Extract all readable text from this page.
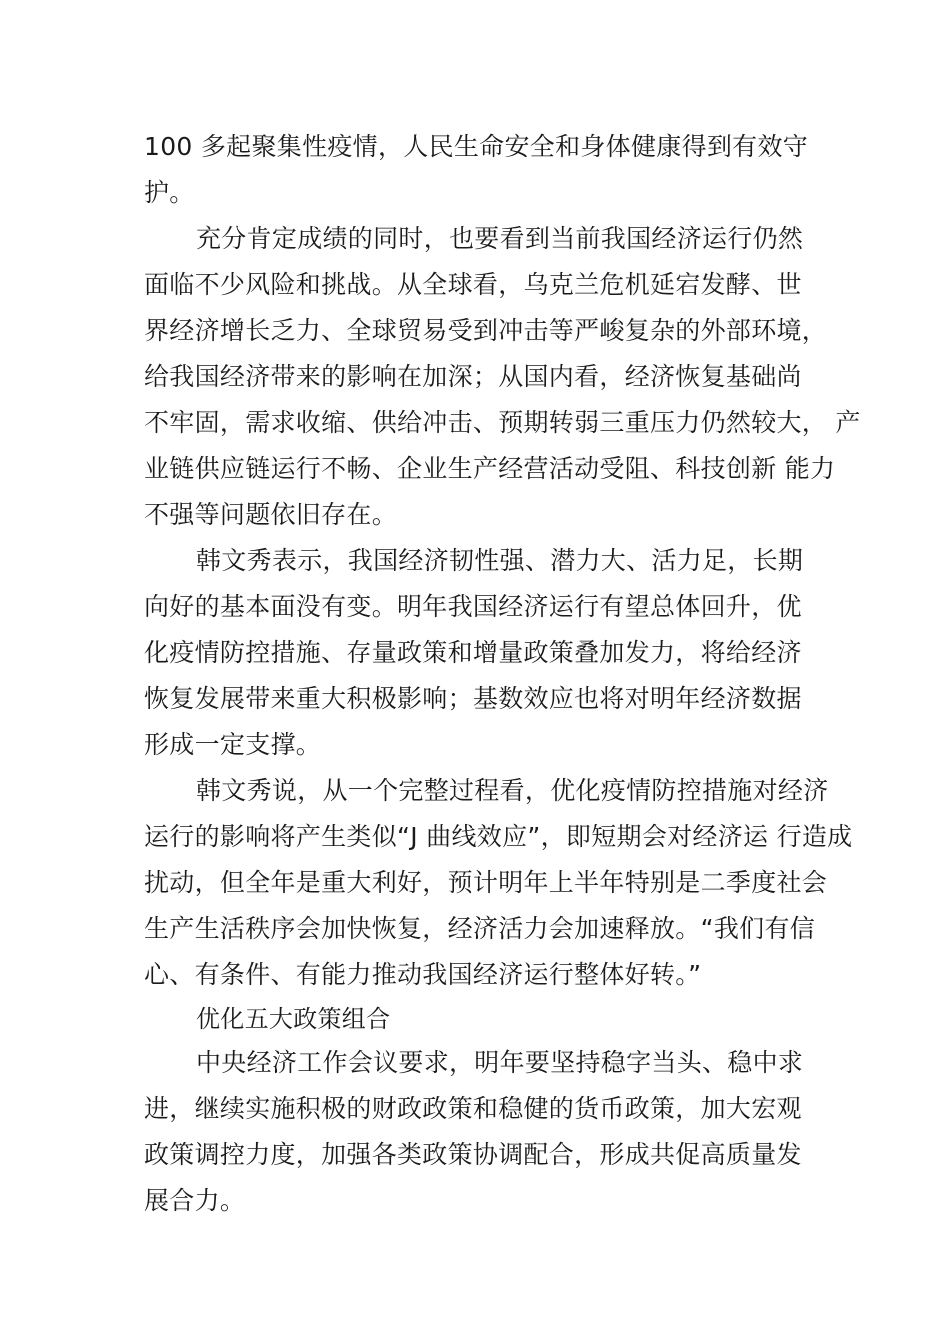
100 多起聚集性疫情，人民生命安全和身体健康得到有效守
护。
充分肯定成绩的同时，也要看到当前我国经济运行仍然
面临不少风险和挑战。从全球看，乌克兰危机延宕发酵、世
界经济增长乏力、全球贸易受到冲击等严峻复杂的外部环境，
给我国经济带来的影响在加深；从国内看，经济恢复基础尚
不牢固，需求收缩、供给冲击、预期转弱三重压力仍然较大， 产
业链供应链运行不畅、企业生产经营活动受阻、科技创新 能力
不强等问题依旧存在。
韩文秀表示，我国经济韧性强、潜力大、活力足，长期
向好的基本面没有变。明年我国经济运行有望总体回升，优
化疫情防控措施、存量政策和增量政策叠加发力，将给经济
恢复发展带来重大积极影响；基数效应也将对明年经济数据
形成一定支撑。
韩文秀说，从一个完整过程看，优化疫情防控措施对经济
运行的影响将产生类似“J 曲线效应”，即短期会对经济运 行造成
扰动，但全年是重大利好，预计明年上半年特别是二季度社会
生产生活秩序会加快恢复，经济活力会加速释放。“我们有信
心、有条件、有能力推动我国经济运行整体好转。”
优化五大政策组合
中央经济工作会议要求，明年要坚持稳字当头、稳中求
进，继续实施积极的财政政策和稳健的货币政策，加大宏观
政策调控力度，加强各类政策协调配合，形成共促高质量发
展合力。
